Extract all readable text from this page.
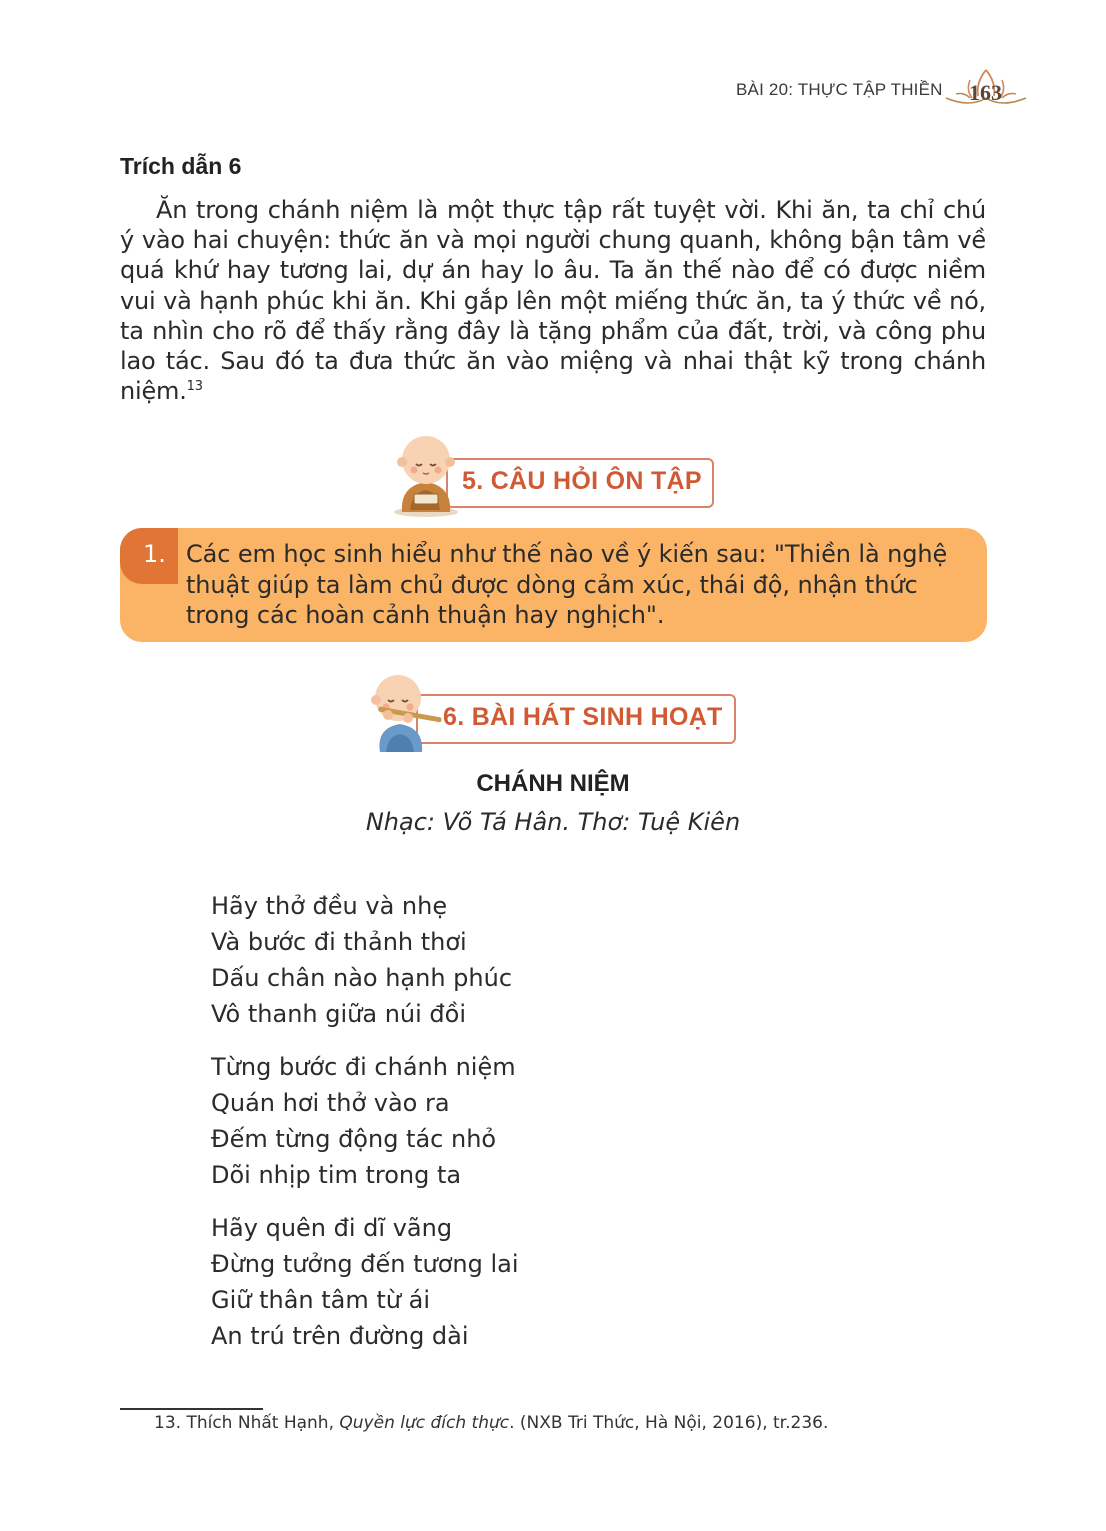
BÀI 20: THỰC TẬP THIỀN 163
Trích dẫn 6
Ăn trong chánh niệm là một thực tập rất tuyệt vời. Khi ăn, ta chỉ chú ý vào hai chuyện: thức ăn và mọi người chung quanh, không bận tâm về quá khứ hay tương lai, dự án hay lo âu. Ta ăn thế nào để có được niềm vui và hạnh phúc khi ăn. Khi gắp lên một miếng thức ăn, ta ý thức về nó, ta nhìn cho rõ để thấy rằng đây là tặng phẩm của đất, trời, và công phu lao tác. Sau đó ta đưa thức ăn vào miệng và nhai thật kỹ trong chánh niệm.$^{13}$
5. CÂU HỎI ÔN TẬP
1. Các em học sinh hiểu như thế nào về ý kiến sau: "Thiền là nghệ thuật giúp ta làm chủ được dòng cảm xúc, thái độ, nhận thức trong các hoàn cảnh thuận hay nghịch".
6. BÀI HÁT SINH HOẠT
CHÁNH NIỆM
Nhạc: Võ Tá Hân. Thơ: Tuệ Kiên
Hãy thở đều và nhẹ
Và bước đi thảnh thơi
Dấu chân nào hạnh phúc
Vô thanh giữa núi đồi
Từng bước đi chánh niệm
Quán hơi thở vào ra
Đếm từng động tác nhỏ
Dõi nhịp tim trong ta
Hãy quên đi dĩ vãng
Đừng tưởng đến tương lai
Giữ thân tâm từ ái
An trú trên đường dài
13. Thích Nhất Hạnh, Quyền lực đích thực. (NXB Tri Thức, Hà Nội, 2016), tr.236.
